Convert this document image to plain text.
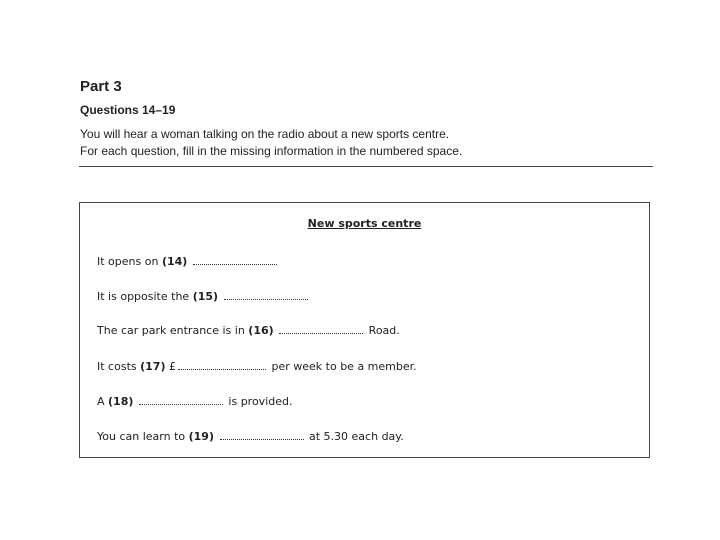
Part 3
Questions 14–19
You will hear a woman talking on the radio about a new sports centre.
For each question, fill in the missing information in the numbered space.
New sports centre
It opens on (14)
It is opposite the (15)
The car park entrance is in (16)	Road.
It costs (17) £	per week to be a member.
A (18)	is provided.
You can learn to (19)	at 5.30 each day.
